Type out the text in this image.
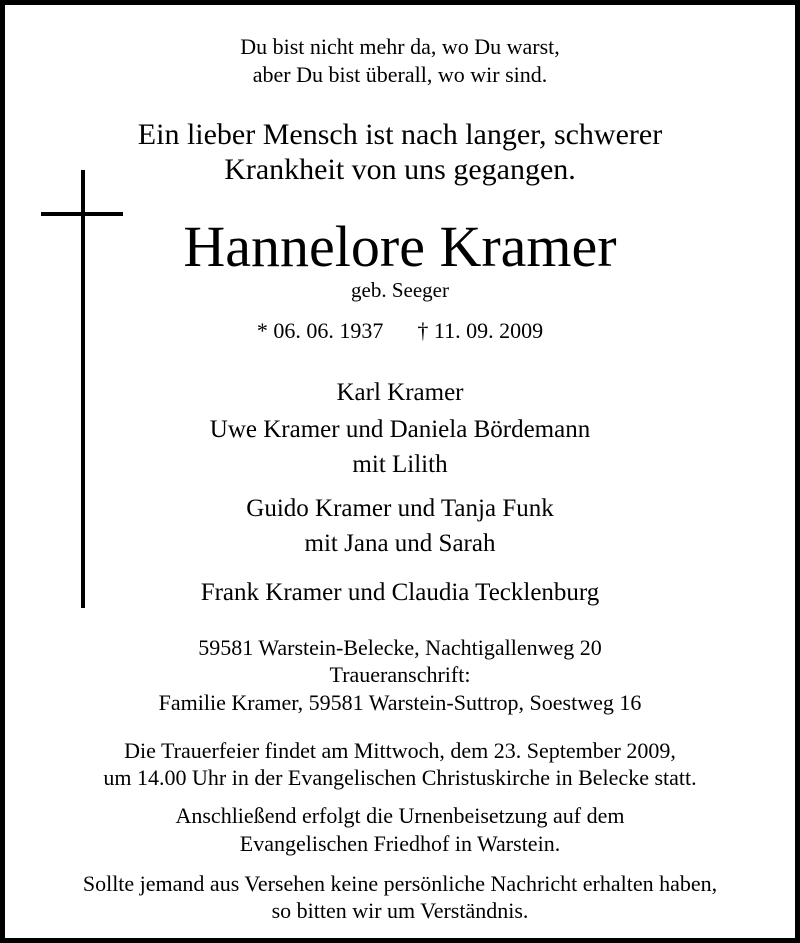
Du bist nicht mehr da, wo Du warst,
aber Du bist überall, wo wir sind.
Ein lieber Mensch ist nach langer, schwerer
Krankheit von uns gegangen.
Hannelore Kramer
geb. Seeger
* 06. 06. 1937 † 11. 09. 2009
Karl Kramer
Uwe Kramer und Daniela Bördemann
mit Lilith
Guido Kramer und Tanja Funk
mit Jana und Sarah
Frank Kramer und Claudia Tecklenburg
59581 Warstein-Belecke, Nachtigallenweg 20
Traueranschrift:
Familie Kramer, 59581 Warstein-Suttrop, Soestweg 16
Die Trauerfeier findet am Mittwoch, dem 23. September 2009,
um 14.00 Uhr in der Evangelischen Christuskirche in Belecke statt.
Anschließend erfolgt die Urnenbeisetzung auf dem
Evangelischen Friedhof in Warstein.
Sollte jemand aus Versehen keine persönliche Nachricht erhalten haben,
so bitten wir um Verständnis.
